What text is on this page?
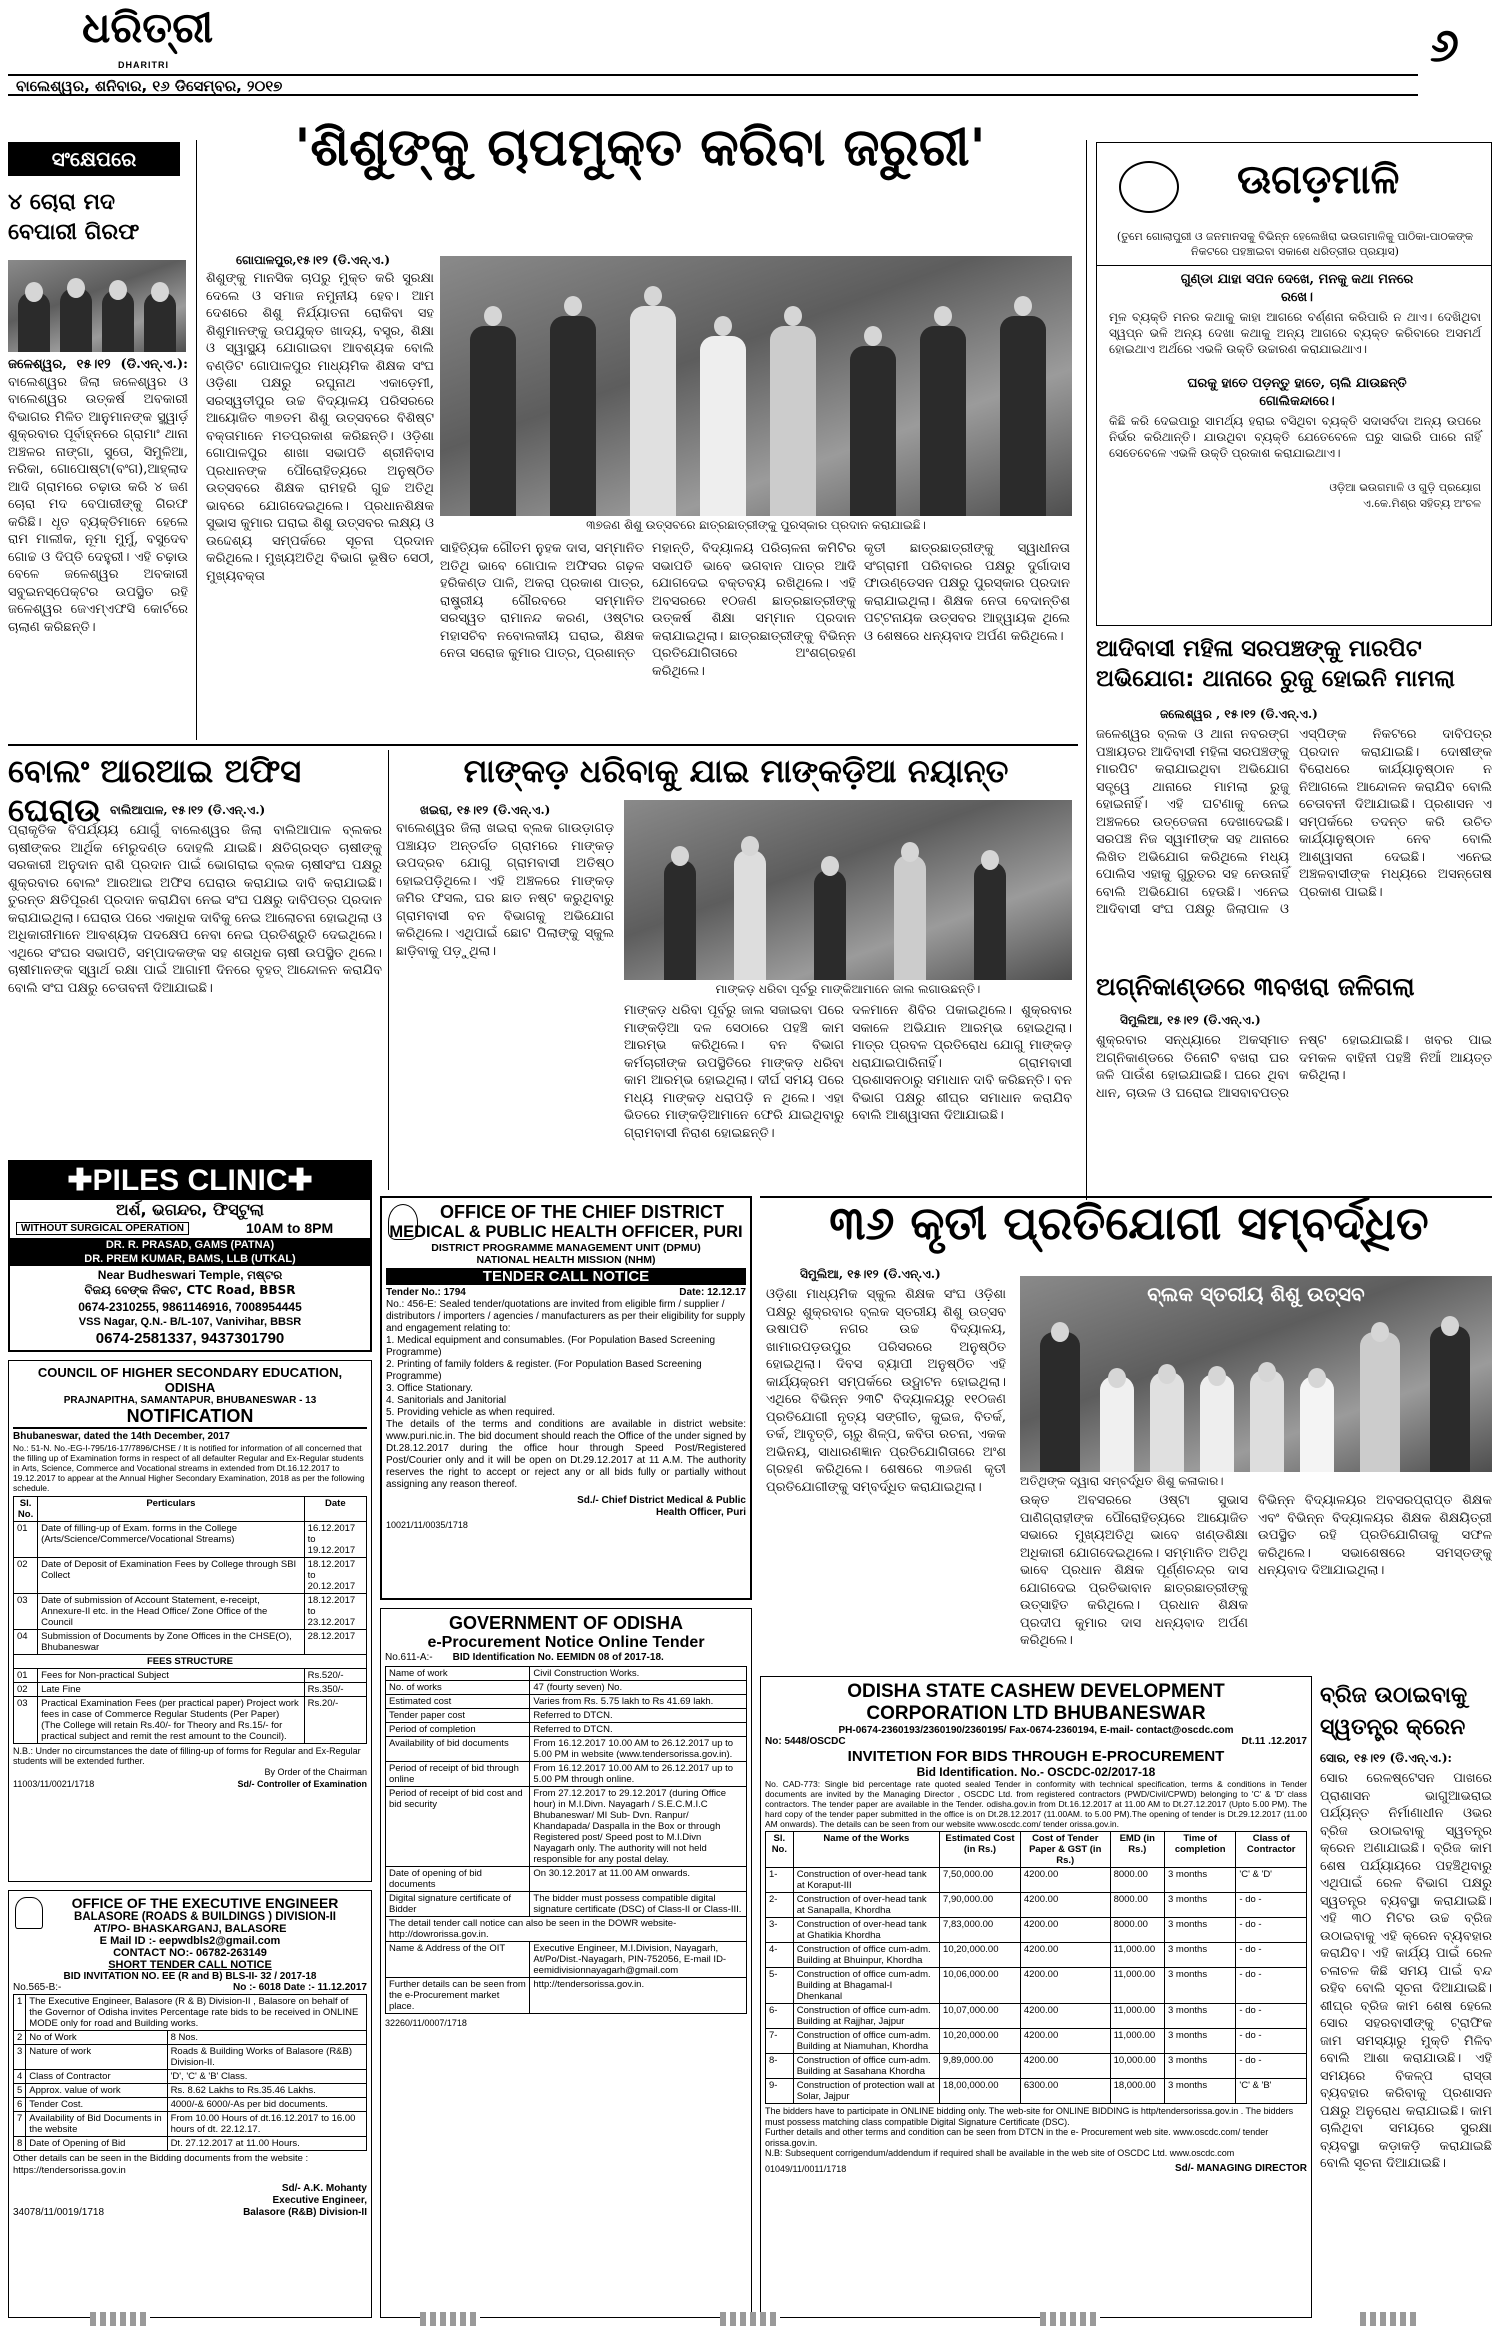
ଧରିତ୍ରୀ
DHARITRI
ବାଲେଶ୍ୱର, ଶନିବାର, ୧୬ ଡିସେମ୍ବର, ୨୦୧୭
୬
ସଂକ୍ଷେପରେ
୪ ଚୋରା ମଦ ବେପାରୀ ଗିରଫ
ଜଳେଶ୍ୱର, ୧୫।୧୨ (ଡି.ଏନ୍.ଏ.): ବାଲେଶ୍ୱର ଜିଲା ଜଳେଶ୍ୱର ଓ ବାଲେଶ୍ୱର ଉତ୍କର୍ଷ ଅବକାରୀ ବିଭାଗର ମିଳିତ ଆନୁମାନଙ୍କ ସ୍କ୍ୱାର୍ଡ଼ ଶୁକ୍ରବାର ପୂର୍ବାହ୍ନରେ ଗ୍ରାମାଂ ଥାନା ଅଞ୍ଚଳର ନାଙ୍ଗା, ସୁତୋ, ସିମୁଳିଆ, ନରିକା, ଗୋପୋଷ୍ଟା(ବଂଗ),ଆହ୍ଲାଦ ଆଦି ଗ୍ରାମରେ ଚଢ଼ାଉ କରି ୪ ଜଣ ଚୋରା ମଦ ବେପାରୀଙ୍କୁ ଗିରଫ କରିଛି। ଧୃତ ବ୍ୟକ୍ତିମାନେ ହେଲେ ରାମ ମାଲୀକ, ନୂମା ମୁର୍ମୁ, ବସୁଦେବ ଗୋଚ୍ଚ ଓ ଦିପ୍ତି ଦେହୁରୀ। ଏହି ଚଢ଼ାଉ ବେଳେ ଜଳେଶ୍ୱର ଅବକାରୀ ସବୁଇନସ୍ପେକ୍ଟର ଉପସ୍ଥିତ ରହି ଜଳେଶ୍ୱର ଜେଏମ୍ଏଫସି କୋର୍ଟରେ ଚାଲାଣ କରିଛନ୍ତି।
'ଶିଶୁଙ୍କୁ ଚାପମୁକ୍ତ କରିବା ଜରୁରୀ'
ଗୋପାଳପୁର,୧୫।୧୨ (ଡି.ଏନ୍.ଏ.)
ଶିଶୁଙ୍କୁ ମାନସିକ ଚାପରୁ ମୁକ୍ତ କରି ସୁରକ୍ଷା ଦେଲେ ଓ ସମାଜ ନମୁନୀୟ ହେବ। ଆମ ଦେଶରେ ଶିଶୁ ନିର୍ଯ୍ୟାତନା ରୋକିବା ସହ ଶିଶୁମାନଙ୍କୁ ଉପଯୁକ୍ତ ଖାଦ୍ୟ, ବସ୍ତ୍ର, ଶିକ୍ଷା ଓ ସ୍ୱାସ୍ଥ୍ୟ ଯୋଗାଇବା ଆବଶ୍ୟକ ବୋଲି ବଣ୍ଡିଟ ଗୋପାଳପୁର ମାଧ୍ୟମିକ ଶିକ୍ଷକ ସଂଘ ଓଡ଼ିଶା ପକ୍ଷରୁ ରଘୁନାଥ ଏକାଡ଼େମୀ, ସରସ୍ୱତୀପୁର ଉଚ୍ଚ ବିଦ୍ୟାଳୟ ପରିସରରେ ଆୟୋଜିତ ୩୭ତମ ଶିଶୁ ଉତ୍ସବରେ ବିଶିଷ୍ଟ ବକ୍ତାମାନେ ମତପ୍ରକାଶ କରିଛନ୍ତି। ଓଡ଼ିଶା ଗୋପାଳପୁର ଶାଖା ସଭାପତି ଶ୍ରୀନିବାସ ପ୍ରଧାନଙ୍କ ପୌରୋହିତ୍ୟରେ ଅନୁଷ୍ଠିତ ଉତ୍ସବରେ ଶିକ୍ଷକ ରାମହରି ଗୁଚ୍ଚ ଅତିଥି ଭାବରେ ଯୋଗଦେଇଥିଲେ। ପ୍ରଧାନଶିକ୍ଷକ ସୁଭାସ କୁମାର ଘରାଇ ଶିଶୁ ଉତ୍ସବର ଲକ୍ଷ୍ୟ ଓ ଉଦ୍ଦେଶ୍ୟ ସମ୍ପର୍କରେ ସୂଚନା ପ୍ରଦାନ କରିଥିଲେ। ମୁଖ୍ୟଅତିଥି ବିଭାଗ ଭୂଷିତ ସେଠୀ, ମୁଖ୍ୟବକ୍ତା
୩୭ଜଣ ଶିଶୁ ଉତ୍ସବରେ ଛାତ୍ରଛାତ୍ରୀଙ୍କୁ ପୁରସ୍କାର ପ୍ରଦାନ କରାଯାଇଛି।
ସାହିତ୍ୟିକ ଗୌତମ ନୁହକ ଦାସ, ସମ୍ମାନିତ ଅତିଥି ଭାବେ ଗୋପାଳ ଅଫିସର ଗଢ଼ଳ ହରିକଣ୍ଡ ପାଳି, ଅକରା ପ୍ରକାଶ ପାତ୍ର, ରାଷ୍ଟ୍ରୀୟ ଗୌରବରେ ସମ୍ମାନିତ ସରସ୍ୱତ ରାମାନନ୍ଦ କରଣ, ଓଷ୍ଟାର ମହାସଚିବ ନବୋଲକୀୟ ଘରାଇ, ଶିକ୍ଷକ ନେତା ସରୋଜ କୁମାର ପାତ୍ର, ପ୍ରଶାନ୍ତ
ମହାନ୍ତି, ବିଦ୍ୟାଳୟ ପରିଚାଳନା କମିଟିର ସଭାପତି ଭାବେ ଭଗବାନ ପାତ୍ର ଆଦି ଯୋଗଦେଇ ବକ୍ତବ୍ୟ ରଖିଥିଲେ। ଏହି ଅବସରରେ ୧୦ଜଣ ଛାତ୍ରଛାତ୍ରୀଙ୍କୁ ଉତ୍କର୍ଷ ଶିକ୍ଷା ସମ୍ମାନ ପ୍ରଦାନ କରାଯାଇଥିଲା। ଛାତ୍ରଛାତ୍ରୀଙ୍କୁ ବିଭିନ୍ନ ପ୍ରତିଯୋଗିତାରେ ଅଂଶଗ୍ରହଣ କରିଥିଲେ।
କୃତୀ ଛାତ୍ରଛାତ୍ରୀଙ୍କୁ ସ୍ୱାଧୀନତା ସଂଗ୍ରାମୀ ପରିବାରର ପକ୍ଷରୁ ଦୁର୍ଗାଦାସ ଫାଉଣ୍ଡେସନ ପକ୍ଷରୁ ପୁରସ୍କାର ପ୍ରଦାନ କରାଯାଇଥିଲା। ଶିକ୍ଷକ ନେତା ବେଦାନ୍ତିଶ ପଟ୍ଟନାୟକ ଉତ୍ସବର ଆହ୍ୱାୟକ ଥିଲେ ଓ ଶେଷରେ ଧନ୍ୟବାଦ ଅର୍ପଣ କରିଥିଲେ।
ଊଗଡ଼ମାଳି
(ତୁମେ ଗୋଲାପୁରୀ ଓ ଜନମାନସକୁ ବିଭିନ୍ନ ହେଲେଖିରା ଭଉଗମାଳିକୁ ପାଠିକା-ପାଠକଙ୍କ ନିକଟରେ ପହଞ୍ଚାଇବା ସକାଶେ ଧରିତ୍ରୀର ପ୍ରୟାସ)
ଗୁଣ୍ଡା ଯାହା ସପନ ଦେଖେ, ମନକୁ କଥା ମନରେ ରଖେ।
ମୂଳ ବ୍ୟକ୍ତି ମନର କଥାକୁ କାହା ଆଗରେ ବର୍ଣ୍ଣନା କରିପାରି ନ ଥାଏ। ଦେଖିଥିବା ସ୍ୱପ୍ନ ଭଳି ଅନ୍ୟ ଦେଖା କଥାକୁ ଅନ୍ୟ ଆଗରେ ବ୍ୟକ୍ତ କରିବାରେ ଅସମର୍ଥ ହୋଇଥାଏ ଅର୍ଥରେ ଏଭଳି ଉକ୍ତି ଉଚ୍ଚାରଣ କରାଯାଇଥାଏ।
ଘରକୁ ହାତେ ପଡ଼ନ୍ତୁ ହାତେ, ଚାଲି ଯାଉଛନ୍ତି ଗୋଲିକନ୍ଦାରେ।
କିଛି କରି ଦେଇପାରୁ ସାମର୍ଥ୍ୟ ହରାଇ ବସିଥିବା ବ୍ୟକ୍ତି ସଦାସର୍ବଦା ଅନ୍ୟ ଉପରେ ନିର୍ଭର କରିଥାନ୍ତି। ଯାଉଥିବା ବ୍ୟକ୍ତି ଯେତେବେଳେ ଘରୁ ସାଇରି ପାରେ ନାହିଁ ସେତେବେଳେ ଏଭଳି ଉକ୍ତି ପ୍ରକାଶ କରାଯାଇଥାଏ।
ଓଡ଼ିଆ ଭଉଗମାଳି ଓ ଗୁଡ଼ି ପ୍ରୟୋଗ
ଏ.କେ.ମିଶ୍ର ସହିତ୍ୟ ଅଂଚଳ
ଆଦିବାସୀ ମହିଳା ସରପଞ୍ଚଙ୍କୁ ମାରପିଟ ଅଭିଯୋଗ: ଥାନାରେ ରୁଜୁ ହୋଇନି ମାମଲା
ଜଲେଶ୍ୱର , ୧୫।୧୨ (ଡି.ଏନ୍.ଏ.)
ଜଳେଶ୍ୱର ବ୍ଲକ ଓ ଥାନା ନବରଙ୍ଗ ପଞ୍ଚାୟତର ଆଦିବାସୀ ମହିଳା ସରପଞ୍ଚଙ୍କୁ ମାରପିଟ କରାଯାଇଥିବା ଅଭିଯୋଗ ସତ୍ତ୍ୱେ ଥାନାରେ ମାମଲା ରୁଜୁ ହୋଇନାହିଁ। ଏହି ଘଟଣାକୁ ନେଇ ଅଞ୍ଚଳରେ ଉତ୍ତେଜନା ଦେଖାଦେଇଛି। ସରପଞ୍ଚ ନିଜ ସ୍ୱାମୀଙ୍କ ସହ ଥାନାରେ ଲିଖିତ ଅଭିଯୋଗ କରିଥିଲେ ମଧ୍ୟ ପୋଲିସ ଏହାକୁ ଗୁରୁତର ସହ ନେଉନାହିଁ ବୋଲି ଅଭିଯୋଗ ହେଉଛି। ଏନେଇ ଆଦିବାସୀ ସଂଘ ପକ୍ଷରୁ ଜିଲାପାଳ ଓ ଏସ୍ପିଙ୍କ ନିକଟରେ ଦାବିପତ୍ର ପ୍ରଦାନ କରାଯାଇଛି। ଦୋଷୀଙ୍କ ବିରୋଧରେ କାର୍ଯ୍ୟାନୁଷ୍ଠାନ ନ ନିଆଗଲେ ଆନ୍ଦୋଳନ କରାଯିବ ବୋଲି ଚେତାବନୀ ଦିଆଯାଇଛି। ପ୍ରଶାସନ ଏ ସମ୍ପର୍କରେ ତଦନ୍ତ କରି ଉଚିତ କାର୍ଯ୍ୟାନୁଷ୍ଠାନ ନେବ ବୋଲି ଆଶ୍ୱାସନା ଦେଇଛି। ଏନେଇ ଅଞ୍ଚଳବାସୀଙ୍କ ମଧ୍ୟରେ ଅସନ୍ତୋଷ ପ୍ରକାଶ ପାଇଛି।
ଅଗ୍ନିକାଣ୍ଡରେ ୩ବଖରା ଜଳିଗଲା
ସିମୁଲିଆ, ୧୫।୧୨ (ଡି.ଏନ୍.ଏ.)
ଶୁକ୍ରବାର ସନ୍ଧ୍ୟାରେ ଅକସ୍ମାତ ଅଗ୍ନିକାଣ୍ଡରେ ତିନୋଟି ବଖରା ଘର ଜଳି ପାଉଁଶ ହୋଇଯାଇଛି। ଘରେ ଥିବା ଧାନ, ଚାଉଳ ଓ ଘରୋଇ ଆସବାବପତ୍ର ନଷ୍ଟ ହୋଇଯାଇଛି। ଖବର ପାଇ ଦମକଳ ବାହିନୀ ପହଞ୍ଚି ନିଆଁ ଆୟତ୍ତ କରିଥିଲା।
ବୋଲଂ ଆରଆଇ ଅଫିସ ଘେରାଉ ବାଲିଆପାଳ, ୧୫।୧୨ (ଡି.ଏନ୍.ଏ.)
ପ୍ରାକୃତିକ ବିପର୍ଯ୍ୟୟ ଯୋଗୁଁ ବାଲେଶ୍ୱର ଜିଲା ବାଲିଆପାଳ ବ୍ଲକର ଚାଷୀଙ୍କର ଆର୍ଥିକ ମେରୁଦଣ୍ଡ ଦୋହଲି ଯାଇଛି। କ୍ଷତିଗ୍ରସ୍ତ ଚାଷୀଙ୍କୁ ସରକାରୀ ଅନୁଦାନ ରାଶି ପ୍ରଦାନ ପାଇଁ ଭୋଗରାଇ ବ୍ଲକ ଚାଷୀସଂଘ ପକ୍ଷରୁ ଶୁକ୍ରବାର ବୋଲଂ ଆରଆଇ ଅଫିସ ଘେରାଉ କରାଯାଇ ଦାବି କରାଯାଇଛି। ତୁରନ୍ତ କ୍ଷତିପୂରଣ ପ୍ରଦାନ କରାଯିବା ନେଇ ସଂଘ ପକ୍ଷରୁ ଦାବିପତ୍ର ପ୍ରଦାନ କରାଯାଇଥିଲା। ଘେରାଉ ପରେ ଏକାଧିକ ଦାବିକୁ ନେଇ ଆଲୋଚନା ହୋଇଥିଲା ଓ ଅଧିକାରୀମାନେ ଆବଶ୍ୟକ ପଦକ୍ଷେପ ନେବା ନେଇ ପ୍ରତିଶ୍ରୁତି ଦେଇଥିଲେ। ଏଥିରେ ସଂଘର ସଭାପତି, ସମ୍ପାଦକଙ୍କ ସହ ଶତାଧିକ ଚାଷୀ ଉପସ୍ଥିତ ଥିଲେ। ଚାଷୀମାନଙ୍କ ସ୍ୱାର୍ଥ ରକ୍ଷା ପାଇଁ ଆଗାମୀ ଦିନରେ ବୃହତ୍ ଆନ୍ଦୋଳନ କରାଯିବ ବୋଲି ସଂଘ ପକ୍ଷରୁ ଚେତାବନୀ ଦିଆଯାଇଛି।
ମାଙ୍କଡ଼ ଧରିବାକୁ ଯାଇ ମାଙ୍କଡ଼ିଆ ନୟାନ୍ତ
ଖଇରା, ୧୫।୧୨ (ଡି.ଏନ୍.ଏ.)
ବାଲେଶ୍ୱର ଜିଲା ଖଇରା ବ୍ଲକ ଗାଉଡ଼ାଗଡ଼ ପଞ୍ଚାୟତ ଅନ୍ତର୍ଗତ ଗ୍ରାମରେ ମାଙ୍କଡ଼ ଉପଦ୍ରବ ଯୋଗୁ ଗ୍ରାମବାସୀ ଅତିଷ୍ଠ ହୋଇପଡ଼ିଥିଲେ। ଏହି ଅଞ୍ଚଳରେ ମାଙ୍କଡ଼ ଜମିର ଫସଲ, ଘର ଛାତ ନଷ୍ଟ କରୁଥିବାରୁ ଗ୍ରାମବାସୀ ବନ ବିଭାଗକୁ ଅଭିଯୋଗ କରିଥିଲେ। ଏଥିପାଇଁ ଛୋଟ ପିଲାଙ୍କୁ ସ୍କୁଲ ଛାଡ଼ିବାକୁ ପଡ଼ୁଥିଲା।
ମାଙ୍କଡ଼ ଧରିବା ପୂର୍ବରୁ ମାଙ୍କିଆମାନେ ଜାଲ ଲଗାଉଛନ୍ତି।
ମାଙ୍କଡ଼ ଧରିବା ପୂର୍ବରୁ ଜାଲ ସଜାଇବା ପରେ ମାଙ୍କଡ଼ିଆ ଦଳ ସେଠାରେ ପହଞ୍ଚି କାମ ଆରମ୍ଭ କରିଥିଲେ। ବନ ବିଭାଗ କର୍ମଚାରୀଙ୍କ ଉପସ୍ଥିତିରେ ମାଙ୍କଡ଼ ଧରିବା କାମ ଆରମ୍ଭ ହୋଇଥିଲା। ଦୀର୍ଘ ସମୟ ପରେ ମଧ୍ୟ ମାଙ୍କଡ଼ ଧରାପଡ଼ି ନ ଥିଲେ। ଏହା ଭିତରେ ମାଙ୍କଡ଼ିଆମାନେ ଫେରି ଯାଇଥିବାରୁ ଗ୍ରାମବାସୀ ନିରାଶ ହୋଇଛନ୍ତି।
ଦଳମାନେ ଶିବିର ପକାଇଥିଲେ। ଶୁକ୍ରବାର ସକାଳେ ଅଭିଯାନ ଆରମ୍ଭ ହୋଇଥିଲା। ମାତ୍ର ପ୍ରବଳ ପ୍ରତିରୋଧ ଯୋଗୁ ମାଙ୍କଡ଼ ଧରାଯାଇପାରିନାହିଁ। ଗ୍ରାମବାସୀ ପ୍ରଶାସନଠାରୁ ସମାଧାନ ଦାବି କରିଛନ୍ତି। ବନ ବିଭାଗ ପକ୍ଷରୁ ଶୀଘ୍ର ସମାଧାନ କରାଯିବ ବୋଲି ଆଶ୍ୱାସନା ଦିଆଯାଇଛି।
✚PILES CLINIC✚
ଅର୍ଶ, ଭଗନ୍ଦର, ଫିସ୍ଟୁଲା
WITHOUT SURGICAL OPERATION	10AM to 8PM
DR. R. PRASAD, GAMS (PATNA)
DR. PREM KUMAR, BAMS, LLB (UTKAL)
Near Budheswari Temple, ମଷ୍ଟର
ବିଜୟ ବେଙ୍କ ନିକଟ, CTC Road, BBSR
0674-2310255, 9861146916, 7008954445
VSS Nagar, Q.N.- B/L-107, Vanivihar, BBSR
0674-2581337, 9437301790
COUNCIL OF HIGHER SECONDARY EDUCATION, ODISHA
PRAJNAPITHA, SAMANTAPUR, BHUBANESWAR - 13
NOTIFICATION
Bhubaneswar, dated the 14th December, 2017
No.: 51-N. No.-EG-I-795/16-17/7896/CHSE / It is notified for information of all concerned that the filling up of Examination forms in respect of all defaulter Regular and Ex-Regular students in Arts, Science, Commerce and Vocational streams in extended from Dt.16.12.2017 to 19.12.2017 to appear at the Annual Higher Secondary Examination, 2018 as per the following schedule.
Sl. No.	Perticulars	Date
01	Date of filling-up of Exam. forms in the College (Arts/Science/Commerce/Vocational Streams)	16.12.2017 to 19.12.2017
02	Date of Deposit of Examination Fees by College through SBI Collect	18.12.2017 to 20.12.2017
03	Date of submission of Account Statement, e-receipt, Annexure-II etc. in the Head Office/ Zone Office of the Council	18.12.2017 to 23.12.2017
04	Submission of Documents by Zone Offices in the CHSE(O), Bhubaneswar	28.12.2017
FEES STRUCTURE		
01	Fees for Non-practical Subject	Rs.520/-
02	Late Fine	Rs.350/-
03	Practical Examination Fees (per practical paper) Project work fees in case of Commerce Regular Students (Per Paper) (The College will retain Rs.40/- for Theory and Rs.15/- for practical subject and remit the rest amount to the Council).	Rs.20/-
N.B.: Under no circumstances the date of filling-up of forms for Regular and Ex-Regular students will be extended further.
By Order of the Chairman
11003/11/0021/1718	Sd/- Controller of Examination
OFFICE OF THE EXECUTIVE ENGINEER
BALASORE (ROADS & BUILDINGS ) DIVISION-II
AT/PO- BHASKARGANJ, BALASORE
E Mail ID :- eepwdbls2@gmail.com
CONTACT NO:- 06782-263149
SHORT TENDER CALL NOTICE
BID INVITATION NO. EE (R and B) BLS-II- 32 / 2017-18
No.565-B:-	No :- 6018 Date :- 11.12.2017
1	The Executive Engineer, Balasore (R & B) Division-II , Balasore on behalf of the Governor of Odisha invites Percentage rate bids to be received in ONLINE MODE only for road and Building works.	
2	No of Work	8 Nos.
3	Nature of work	Roads & Building Works of Balasore (R&B) Division-II.
4	Class of Contractor	'D', 'C' & 'B' Class.
5	Approx. value of work	Rs. 8.62 Lakhs to Rs.35.46 Lakhs.
6	Tender Cost.	4000/-& 6000/-As per bid documents.
7	Availability of Bid Documents in the website	From 10.00 Hours of dt.16.12.2017 to 16.00 hours of dt. 22.12.17.
8	Date of Opening of Bid	Dt. 27.12.2017 at 11.00 Hours.
Other details can be seen in the Bidding documents from the website : https://tendersorissa.gov.in
Sd/- A.K. Mohanty
Executive Engineer,
34078/11/0019/1718	Balasore (R&B) Division-II
OFFICE OF THE CHIEF DISTRICT
MEDICAL & PUBLIC HEALTH OFFICER, PURI
DISTRICT PROGRAMME MANAGEMENT UNIT (DPMU)
NATIONAL HEALTH MISSION (NHM)
TENDER CALL NOTICE
Tender No.: 1794	Date: 12.12.17
No.: 456-E: Sealed tender/quotations are invited from eligible firm / supplier / distributors / importers / agencies / manufacturers as per their eligibility for supply and engagement relating to:
1. Medical equipment and consumables. (For Population Based Screening Programme)
2. Printing of family folders & register. (For Population Based Screening Programme)
3. Office Stationary.
4. Sanitorials and Janitorial
5. Providing vehicle as when required.
The details of the terms and conditions are available in district website: www.puri.nic.in. The bid document should reach the Office of the under signed by Dt.28.12.2017 during the office hour through Speed Post/Registered Post/Courier only and it will be open on Dt.29.12.2017 at 11 A.M. The authority reserves the right to accept or reject any or all bids fully or partially without assigning any reason thereof.
Sd./- Chief District Medical & Public
Health Officer, Puri
10021/11/0035/1718
GOVERNMENT OF ODISHA
e-Procurement Notice Online Tender
No.611-A:- BID Identification No. EEMIDN 08 of 2017-18.
Name of work	Civil Construction Works.
No. of works	47 (fourty seven) No.
Estimated cost	Varies from Rs. 5.75 lakh to Rs 41.69 lakh.
Tender paper cost	Referred to DTCN.
Period of completion	Referred to DTCN.
Availability of bid documents	From 16.12.2017 10.00 AM to 26.12.2017 up to 5.00 PM in website (www.tendersorissa.gov.in).
Period of receipt of bid through online	From 16.12.2017 10.00 AM to 26.12.2017 up to 5.00 PM through online.
Period of receipt of bid cost and bid security	From 27.12.2017 to 29.12.2017 (during Office hour) in M.I.Divn. Nayagarh / S.E.C.M.I.C Bhubaneswar/ MI Sub- Dvn. Ranpur/ Khandapada/ Daspalla in the Box or through Registered post/ Speed post to M.I.Divn Nayagarh only. The authority will not held responsible for any postal delay.
Date of opening of bid documents	On 30.12.2017 at 11.00 AM onwards.
Digital signature certificate of Bidder	The bidder must possess compatible digital signature certificate (DSC) of Class-II or Class-III.
The detail tender call notice can also be seen in the DOWR website- http://dowrorissa.gov.in.	
Name & Address of the OIT	Executive Engineer, M.I.Division, Nayagarh, At/Po/Dist.-Nayagarh, PIN-752056, E-mail ID-eemidivisionnayagarh@gmail.com
Further details can be seen from the e-Procurement market place.	http://tendersorissa.gov.in.
32260/11/0007/1718
୩୬ କୃତୀ ପ୍ରତିଯୋଗୀ ସମ୍ବର୍ଦ୍ଧିତ
ସିମୁଲିଆ, ୧୫।୧୨ (ଡି.ଏନ୍.ଏ.)
ଓଡ଼ିଶା ମାଧ୍ୟମିକ ସ୍କୁଲ ଶିକ୍ଷକ ସଂଘ ଓଡ଼ିଶା ପକ୍ଷରୁ ଶୁକ୍ରବାର ବ୍ଲକ ସ୍ତରୀୟ ଶିଶୁ ଉତ୍ସବ ଉଷାପତି ନଗର ଉଚ୍ଚ ବିଦ୍ୟାଳୟ, ଖାମାରପଡ଼ଉପୁର ପରିସରରେ ଅନୁଷ୍ଠିତ ହୋଇଥିଲା। ଦିବସ ବ୍ୟାପୀ ଅନୁଷ୍ଠିତ ଏହି କାର୍ଯ୍ୟକ୍ରମ ସମ୍ପର୍କରେ ଉଦ୍ଘାଟନ ହୋଇଥିଲା। ଏଥିରେ ବିଭିନ୍ନ ୨୩ଟି ବିଦ୍ୟାଳୟରୁ ୧୧୦ଜଣ ପ୍ରତିଯୋଗୀ ନୃତ୍ୟ ସଙ୍ଗୀତ, କୁଇଜ, ବିତର୍କ, ତର୍କ, ଆବୃତ୍ତି, ଚାରୁ ଶିଳ୍ପ, କବିତା ରଚନା, ଏକକ ଅଭିନୟ, ସାଧାରଣଜ୍ଞାନ ପ୍ରତିଯୋଗିତାରେ ଅଂଶ ଗ୍ରହଣ କରିଥିଲେ। ଶେଷରେ ୩୬ଜଣ କୃତୀ ପ୍ରତିଯୋଗୀଙ୍କୁ ସମ୍ବର୍ଦ୍ଧିତ କରାଯାଇଥିଲା।
ବ୍ଲକ ସ୍ତରୀୟ ଶିଶୁ ଉତ୍ସବ
ଅତିଥିଙ୍କ ଦ୍ୱାରା ସମ୍ବର୍ଦ୍ଧିତ ଶିଶୁ କଳାକାର।
ଉକ୍ତ ଅବସରରେ ଓଷ୍ଟା ସୁଭାସ ପାଣିଗ୍ରାହୀଙ୍କ ପୌରୋହିତ୍ୟରେ ଆୟୋଜିତ ସଭାରେ ମୁଖ୍ୟଅତିଥି ଭାବେ ଖଣ୍ଡଶିକ୍ଷା ଅଧିକାରୀ ଯୋଗଦେଇଥିଲେ। ସମ୍ମାନିତ ଅତିଥି ଭାବେ ପ୍ରଧାନ ଶିକ୍ଷକ ପୂର୍ଣ୍ଣଚନ୍ଦ୍ର ଦାସ ଯୋଗଦେଇ ପ୍ରତିଭାବାନ ଛାତ୍ରଛାତ୍ରୀଙ୍କୁ ଉତ୍ସାହିତ କରିଥିଲେ। ପ୍ରଧାନ ଶିକ୍ଷକ ପ୍ରଦୀପ କୁମାର ଦାସ ଧନ୍ୟବାଦ ଅର୍ପଣ କରିଥିଲେ।
ବିଭିନ୍ନ ବିଦ୍ୟାଳୟର ଅବସରପ୍ରାପ୍ତ ଶିକ୍ଷକ ଏବଂ ବିଭିନ୍ନ ବିଦ୍ୟାଳୟର ଶିକ୍ଷକ ଶିକ୍ଷୟିତ୍ରୀ ଉପସ୍ଥିତ ରହି ପ୍ରତିଯୋଗିତାକୁ ସଫଳ କରିଥିଲେ। ସଭାଶେଷରେ ସମସ୍ତଙ୍କୁ ଧନ୍ୟବାଦ ଦିଆଯାଇଥିଲା।
ODISHA STATE CASHEW DEVELOPMENT
CORPORATION LTD BHUBANESWAR
PH-0674-2360193/2360190/2360195/ Fax-0674-2360194, E-mail- contact@oscdc.com
No: 5448/OSCDC	Dt.11 .12.2017
INVITETION FOR BIDS THROUGH E-PROCUREMENT
Bid Identification. No.- OSCDC-02/2017-18
No. CAD-773: Single bid percentage rate quoted sealed Tender in conformity with technical specification, terms & conditions in Tender documents are invited by the Managing Director , OSCDC Ltd. from registered contractors (PWD/Civil/CPWD) belonging to 'C' & 'D' class contractors. The tender paper are available in the Tender. odisha.gov.in from Dt.16.12.2017 at 11.00 AM to Dt.27.12.2017 (Upto 5.00 PM). The hard copy of the tender paper submitted in the office is on Dt.28.12.2017 (11.00AM. to 5.00 PM).The opening of tender is Dt.29.12.2017 (11.00 AM onwards). The details can be seen from our website www.oscdc.com/ tender orissa.gov.in.
Sl. No.	Name of the Works	Estimated Cost (in Rs.)	Cost of Tender Paper & GST (in Rs.)	EMD (in Rs.)	Time of completion	Class of Contractor
1-	Construction of over-head tank at Koraput-III	7,50,000.00	4200.00	8000.00	3 months	'C' & 'D'
2-	Construction of over-head tank at Sanapalla, Khordha	7,90,000.00	4200.00	8000.00	3 months	- do -
3-	Construction of over-head tank at Ghatikia Khordha	7,83,000.00	4200.00	8000.00	3 months	- do -
4-	Construction of office cum-adm. Building at Bhuinpur, Khordha	10,20,000.00	4200.00	11,000.00	3 months	- do -
5-	Construction of office cum-adm. Building at Bhagamal-I Dhenkanal	10,06,000.00	4200.00	11,000.00	3 months	- do -
6-	Construction of office cum-adm. Building at Rajjhar, Jajpur	10,07,000.00	4200.00	11,000.00	3 months	- do -
7-	Construction of office cum-adm. Building at Niamuhan, Khordha	10,20,000.00	4200.00	11,000.00	3 months	- do -
8-	Construction of office cum-adm. Building at Sasahana Khordha	9,89,000.00	4200.00	10,000.00	3 months	- do -
9-	Construction of protection wall at Solar, Jajpur	18,00,000.00	6300.00	18,000.00	3 months	'C' & 'B'
The bidders have to participate in ONLINE bidding only. The web-site for ONLINE BIDDING is http/tendersorissa.gov.in . The bidders must possess matching class compatible Digital Signature Certificate (DSC).
Further details and other terms and condition can be seen from DTCN in the e- Procurement web site. www.oscdc.com/ tender orissa.gov.in.
N.B: Subsequent corrigendum/addendum if required shall be available in the web site of OSCDC Ltd. www.oscdc.com
01049/11/0011/1718	Sd/- MANAGING DIRECTOR
ବ୍ରିଜ ଉଠାଇବାକୁ ସ୍ୱତନ୍ତ୍ର କ୍ରେନ
ସୋର, ୧୫।୧୨ (ଡି.ଏନ୍.ଏ.):
ସୋର ରେଳଷ୍ଟେସନ ପାଖରେ ପ୍ରାଶାସନ ଭାଗୁଆଭରାଇ ପର୍ଯ୍ୟନ୍ତ ନିର୍ମାଣାଧୀନ ଓଭର ବ୍ରିଜ ଉଠାଇବାକୁ ସ୍ୱତନ୍ତ୍ର କ୍ରେନ ଅଣାଯାଇଛି। ବ୍ରିଜ କାମ ଶେଷ ପର୍ଯ୍ୟାୟରେ ପହଞ୍ଚିଥିବାରୁ ଏଥିପାଇଁ ରେଳ ବିଭାଗ ପକ୍ଷରୁ ସ୍ୱତନ୍ତ୍ର ବ୍ୟବସ୍ଥା କରାଯାଇଛି। ଏହି ୩୦ ମିଟର ଉଚ୍ଚ ବ୍ରିଜ ଉଠାଇବାକୁ ଏହି କ୍ରେନ ବ୍ୟବହାର କରାଯିବ। ଏହି କାର୍ଯ୍ୟ ପାଇଁ ରେଳ ଚଳାଚଳ କିଛି ସମୟ ପାଇଁ ବନ୍ଦ ରହିବ ବୋଲି ସୂଚନା ଦିଆଯାଇଛି। ଶୀଘ୍ର ବ୍ରିଜ କାମ ଶେଷ ହେଲେ ସୋର ସହରବାସୀଙ୍କୁ ଟ୍ରାଫିକ ଜାମ ସମସ୍ୟାରୁ ମୁକ୍ତି ମିଳିବ ବୋଲି ଆଶା କରାଯାଉଛି। ଏହି ସମୟରେ ବିକଳ୍ପ ରାସ୍ତା ବ୍ୟବହାର କରିବାକୁ ପ୍ରଶାସନ ପକ୍ଷରୁ ଅନୁରୋଧ କରାଯାଇଛି। କାମ ଚାଲିଥିବା ସମୟରେ ସୁରକ୍ଷା ବ୍ୟବସ୍ଥା କଡ଼ାକଡ଼ି କରାଯାଇଛି ବୋଲି ସୂଚନା ଦିଆଯାଇଛି।
